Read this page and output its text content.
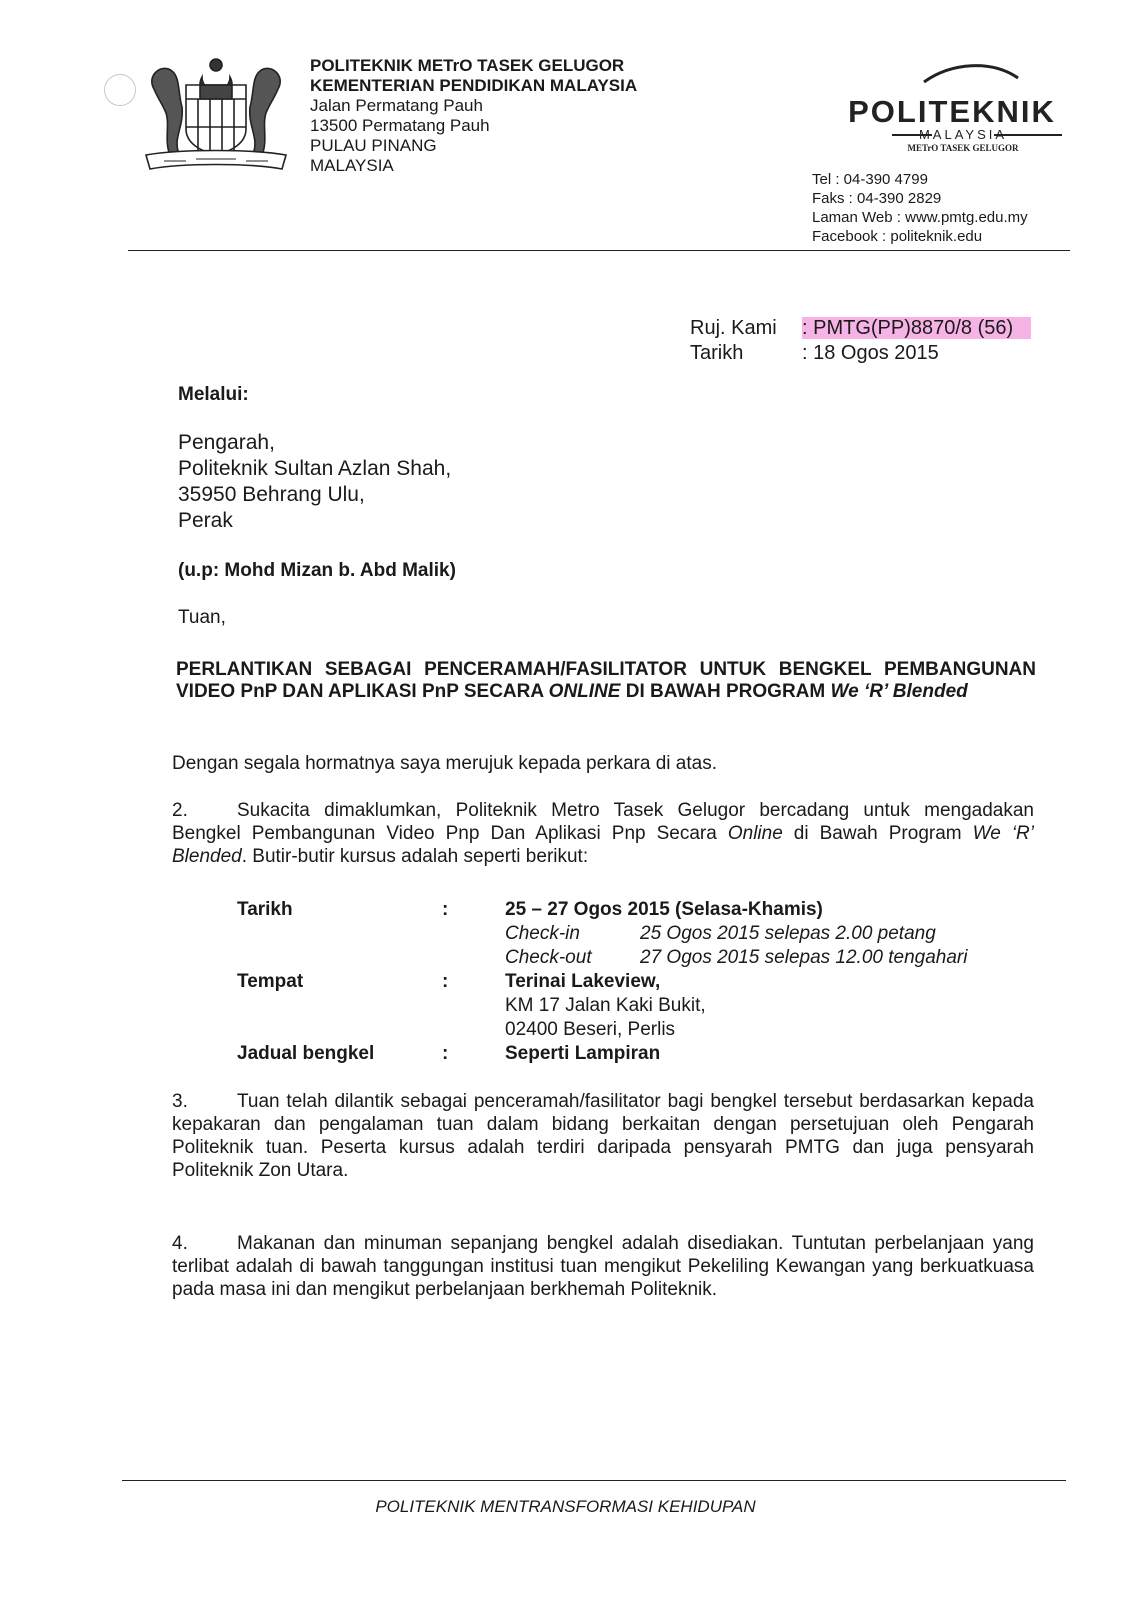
POLITEKNIK METrO TASEK GELUGOR
KEMENTERIAN PENDIDIKAN MALAYSIA
Jalan Permatang Pauh
13500 Permatang Pauh
PULAU PINANG
MALAYSIA
POLITEKNIK
MALAYSIA
METrO TASEK GELUGOR
Tel : 04-390 4799
Faks : 04-390 2829
Laman Web : www.pmtg.edu.my
Facebook : politeknik.edu
Ruj. Kami	: PMTG(PP)8870/8 (56)
Tarikh	: 18 Ogos 2015
Melalui:
Pengarah,
Politeknik Sultan Azlan Shah,
35950 Behrang Ulu,
Perak
(u.p: Mohd Mizan b. Abd Malik)
Tuan,
PERLANTIKAN SEBAGAI PENCERAMAH/FASILITATOR UNTUK BENGKEL PEMBANGUNAN VIDEO PnP DAN APLIKASI PnP SECARA ONLINE DI BAWAH PROGRAM We ‘R’ Blended
Dengan segala hormatnya saya merujuk kepada perkara di atas.
2.	Sukacita dimaklumkan, Politeknik Metro Tasek Gelugor bercadang untuk mengadakan Bengkel Pembangunan Video Pnp Dan Aplikasi Pnp Secara Online di Bawah Program We ‘R’ Blended. Butir-butir kursus adalah seperti berikut:
Tarikh	:	25 – 27 Ogos 2015 (Selasa-Khamis)
Check-in 25 Ogos 2015 selepas 2.00 petang
Check-out 27 Ogos 2015 selepas 12.00 tengahari

Tempat	:	Terinai Lakeview,
KM 17 Jalan Kaki Bukit,
02400 Beseri, Perlis

Jadual bengkel	:	Seperti Lampiran
3.	Tuan telah dilantik sebagai penceramah/fasilitator bagi bengkel tersebut berdasarkan kepada kepakaran dan pengalaman tuan dalam bidang berkaitan dengan persetujuan oleh Pengarah Politeknik tuan. Peserta kursus adalah terdiri daripada pensyarah PMTG dan juga pensyarah Politeknik Zon Utara.
4.	Makanan dan minuman sepanjang bengkel adalah disediakan. Tuntutan perbelanjaan yang terlibat adalah di bawah tanggungan institusi tuan mengikut Pekeliling Kewangan yang berkuatkuasa pada masa ini dan mengikut perbelanjaan berkhemah Politeknik.
POLITEKNIK MENTRANSFORMASI KEHIDUPAN
